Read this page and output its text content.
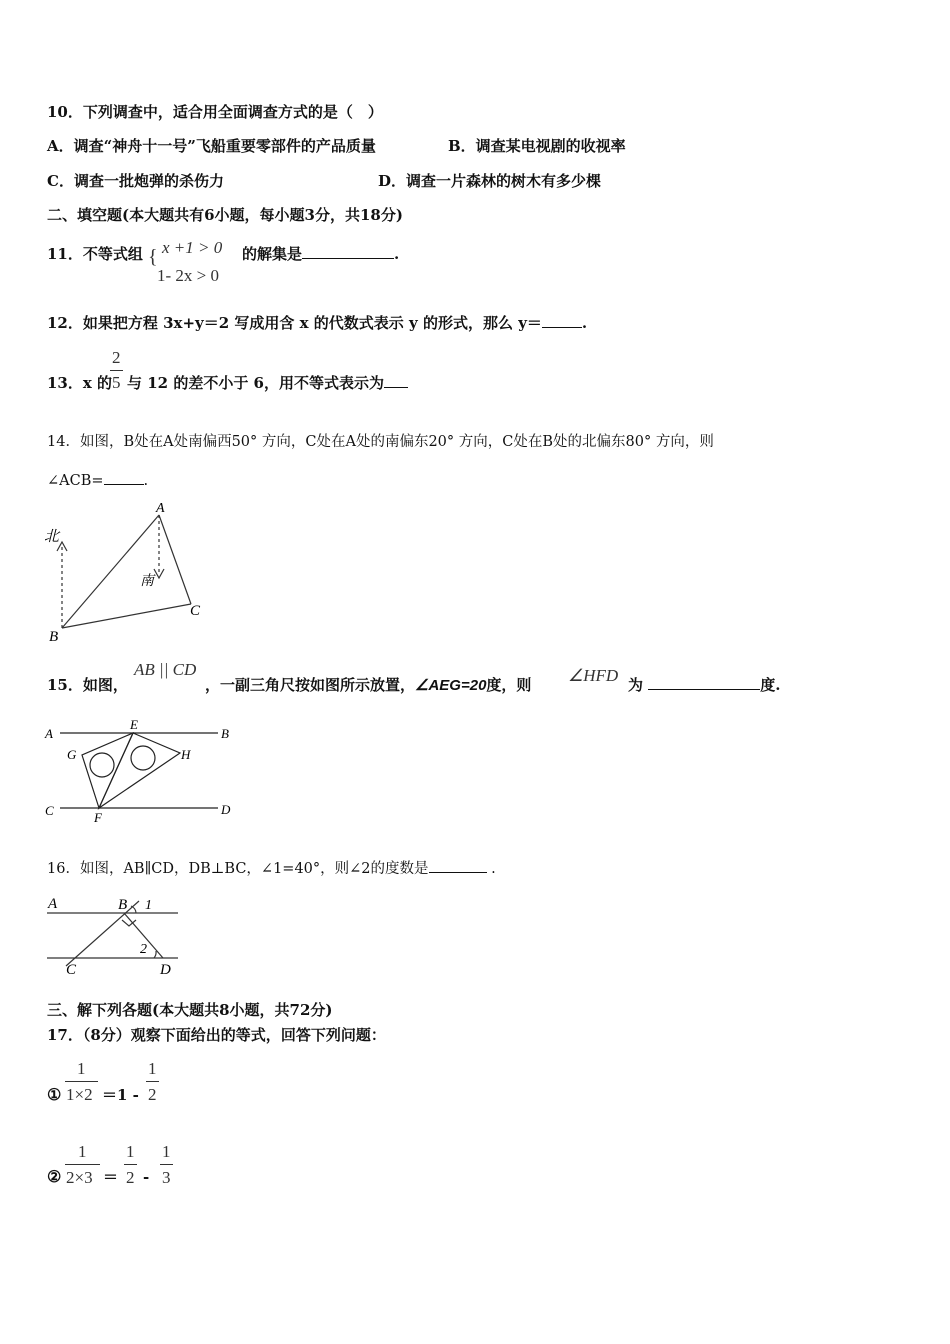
10．下列调查中，适合用全面调查方式的是（　）
A．调查“神舟十一号”飞船重要零部件的产品质量	B．调查某电视剧的收视率
C．调查一批炮弹的杀伤力	D．调查一片森林的树木有多少棵
二、填空题(本大题共有6小题，每小题3分，共18分)
11．不等式组 { x +1 > 0
1- 2x > 0
的解集是	.
12．如果把方程 3x+y＝2 写成用含 x 的代数式表示 y 的形式，那么 y＝	.
13．x 的
2
5 与 12 的差不小于 6，用不等式表示为
14．如图，B处在A处南偏西50° 方向，C处在A处的南偏东20° 方向，C处在B处的北偏东80° 方向，则
∠ACB=	.
北
南
A
B
C
15．如图，
AB || CD
，一副三角尺按如图所示放置，∠AEG=20度，则 ∠HFD 为	度.
A	B
C	D
E
F
G	H
16．如图，AB∥CD，DB⊥BC，∠1=40°，则∠2的度数是	.
A	B
C	D
1
2
三、解下列各题(本大题共8小题，共72分)
17．（8分）观察下面给出的等式，回答下列问题：
①
1
1×2 ＝1 -
1
2
②
1
2×3 ＝
1
2 -
1
3
